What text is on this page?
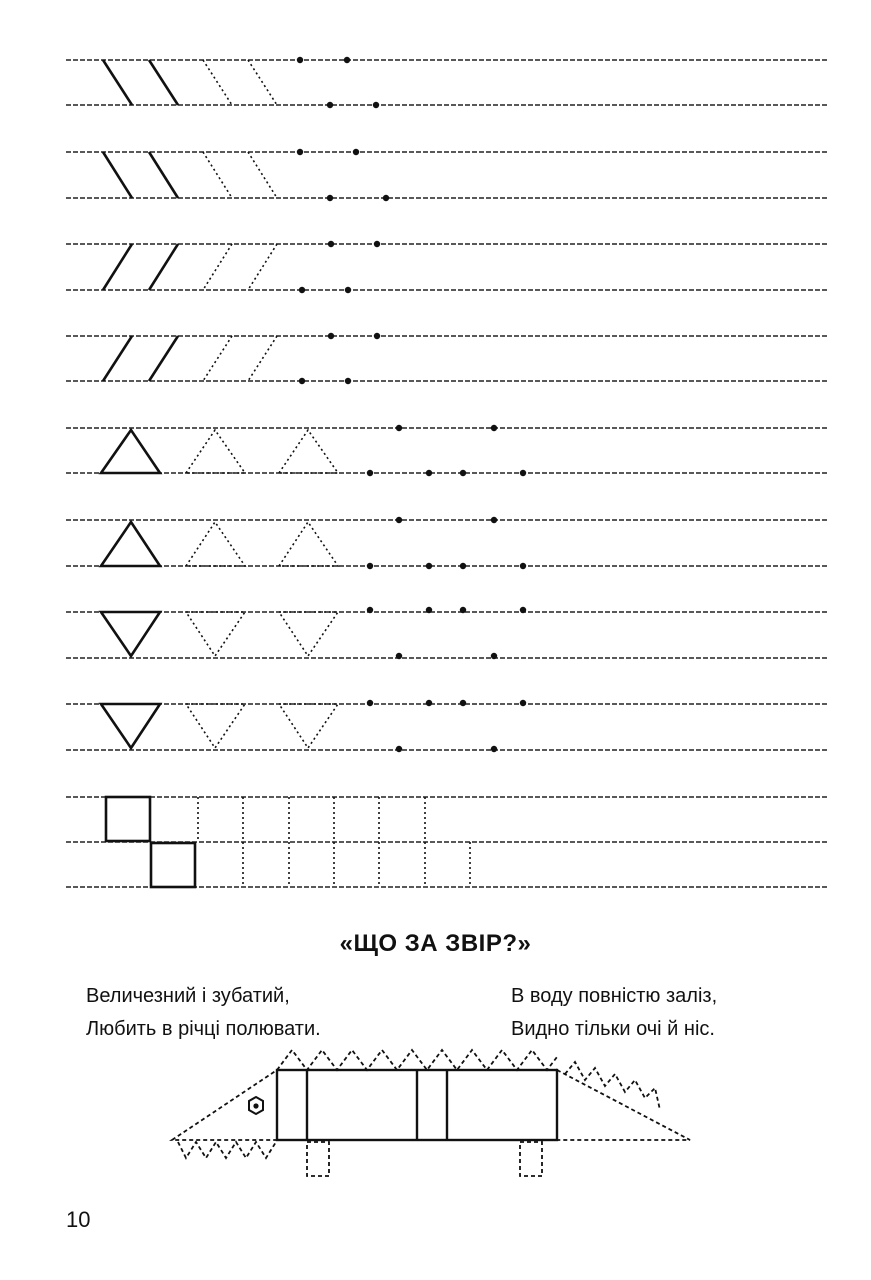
«ЩО ЗА ЗВІР?»
Величезний і зубатий,
Любить в річці полювати.
В воду повністю заліз,
Видно тільки очі й ніс.
10
